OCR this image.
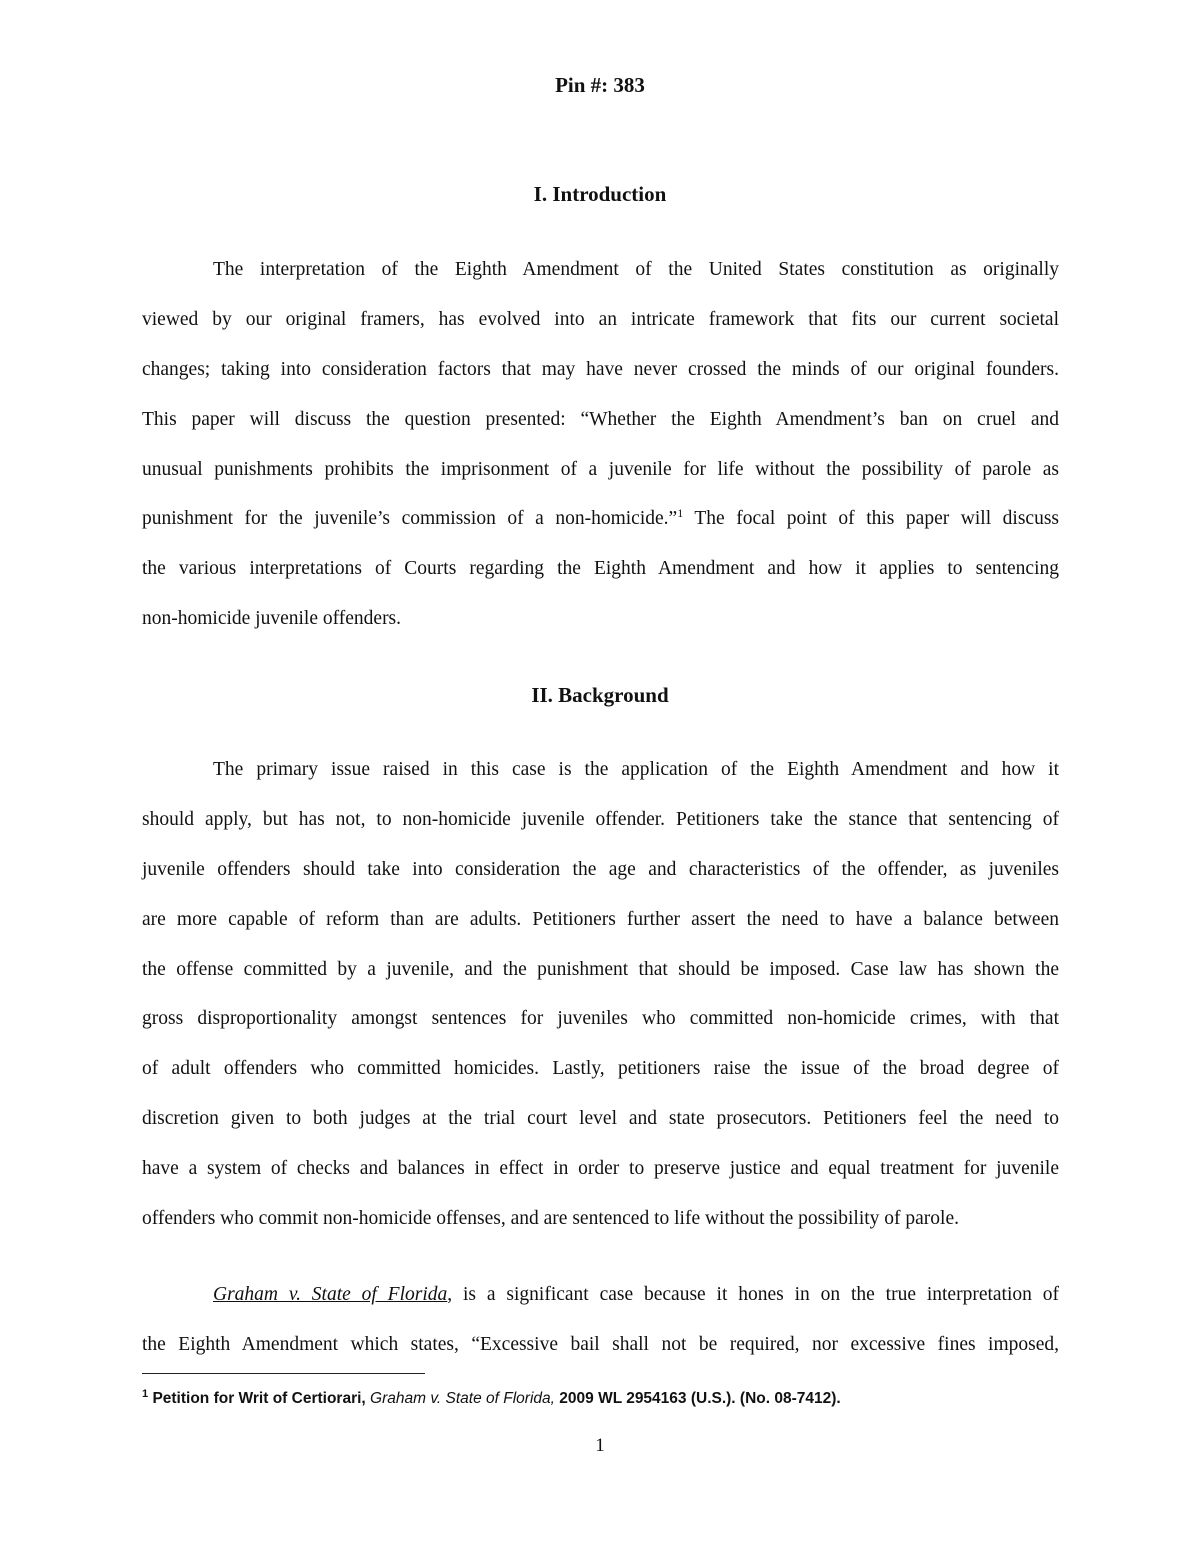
Pin #: 383
I. Introduction
The interpretation of the Eighth Amendment of the United States constitution as originally
viewed by our original framers, has evolved into an intricate framework that fits our current societal
changes; taking into consideration factors that may have never crossed the minds of our original founders.
This paper will discuss the question presented: “Whether the Eighth Amendment’s ban on cruel and
unusual punishments prohibits the imprisonment of a juvenile for life without the possibility of parole as
punishment for the juvenile’s commission of a non-homicide.”$^1$ The focal point of this paper will discuss
the various interpretations of Courts regarding the Eighth Amendment and how it applies to sentencing
non-homicide juvenile offenders.
II. Background
The primary issue raised in this case is the application of the Eighth Amendment and how it
should apply, but has not, to non-homicide juvenile offender. Petitioners take the stance that sentencing of
juvenile offenders should take into consideration the age and characteristics of the offender, as juveniles
are more capable of reform than are adults. Petitioners further assert the need to have a balance between
the offense committed by a juvenile, and the punishment that should be imposed. Case law has shown the
gross disproportionality amongst sentences for juveniles who committed non-homicide crimes, with that
of adult offenders who committed homicides. Lastly, petitioners raise the issue of the broad degree of
discretion given to both judges at the trial court level and state prosecutors. Petitioners feel the need to
have a system of checks and balances in effect in order to preserve justice and equal treatment for juvenile
offenders who commit non-homicide offenses, and are sentenced to life without the possibility of parole.
Graham v. State of Florida, is a significant case because it hones in on the true interpretation of
the Eighth Amendment which states, “Excessive bail shall not be required, nor excessive fines imposed,
$^1$ Petition for Writ of Certiorari, Graham v. State of Florida, 2009 WL 2954163 (U.S.). (No. 08-7412).
1
